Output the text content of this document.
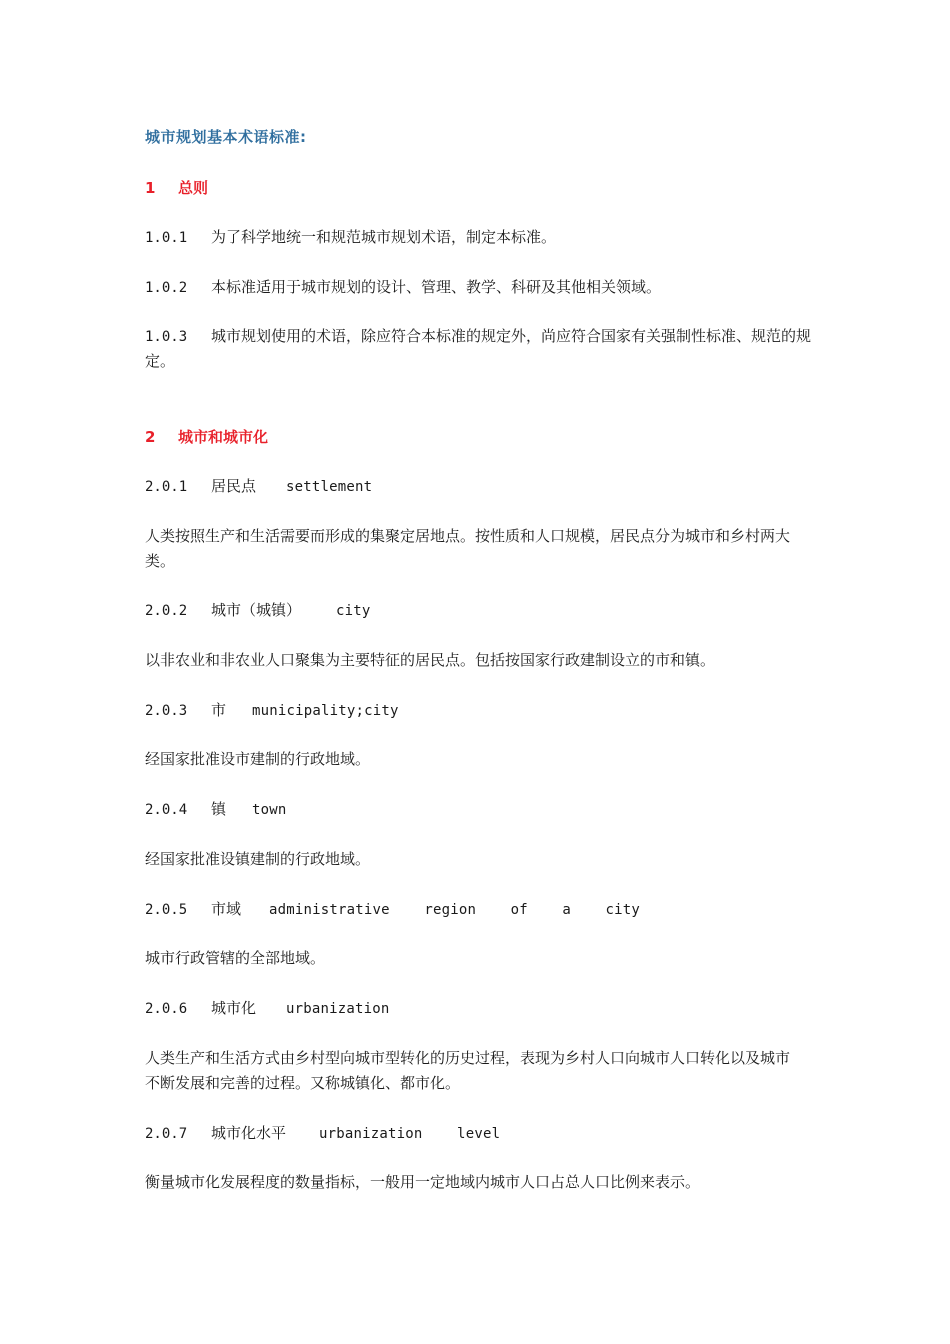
城市规划基本术语标准:
1 总则
1.0.1 为了科学地统一和规范城市规划术语，制定本标准。
1.0.2 本标准适用于城市规划的设计、管理、教学、科研及其他相关领域。
1.0.3 城市规划使用的术语，除应符合本标准的规定外，尚应符合国家有关强制性标准、规范的规
定。
2 城市和城市化
2.0.1 居民点 settlement
人类按照生产和生活需要而形成的集聚定居地点。按性质和人口规模，居民点分为城市和乡村两大
类。
2.0.2 城市（城镇） city
以非农业和非农业人口聚集为主要特征的居民点。包括按国家行政建制设立的市和镇。
2.0.3 市 municipality;city
经国家批准设市建制的行政地域。
2.0.4 镇 town
经国家批准设镇建制的行政地域。
2.0.5 市域 administrative    region    of    a    city
城市行政管辖的全部地域。
2.0.6 城市化 urbanization
人类生产和生活方式由乡村型向城市型转化的历史过程，表现为乡村人口向城市人口转化以及城市
不断发展和完善的过程。又称城镇化、都市化。
2.0.7 城市化水平 urbanization    level
衡量城市化发展程度的数量指标，一般用一定地域内城市人口占总人口比例来表示。
